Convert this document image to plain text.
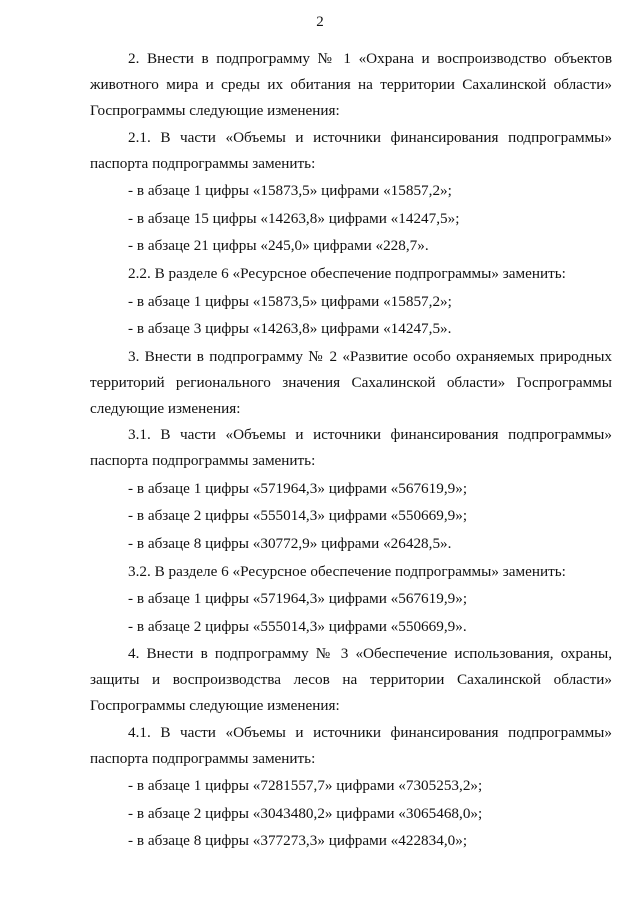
2
2. Внести в подпрограмму № 1 «Охрана и воспроизводство объектов
животного мира и среды их обитания на территории Сахалинской области»
Госпрограммы следующие изменения:
2.1. В части «Объемы и источники финансирования подпрограммы»
паспорта подпрограммы заменить:
- в абзаце 1 цифры «15873,5» цифрами «15857,2»;
- в абзаце 15 цифры «14263,8» цифрами «14247,5»;
- в абзаце 21 цифры «245,0» цифрами «228,7».
2.2. В разделе 6 «Ресурсное обеспечение подпрограммы» заменить:
- в абзаце 1 цифры «15873,5» цифрами «15857,2»;
- в абзаце 3 цифры «14263,8» цифрами «14247,5».
3. Внести в подпрограмму № 2 «Развитие особо охраняемых природных
территорий регионального значения Сахалинской области» Госпрограммы
следующие изменения:
3.1. В части «Объемы и источники финансирования подпрограммы»
паспорта подпрограммы заменить:
- в абзаце 1 цифры «571964,3» цифрами «567619,9»;
- в абзаце 2 цифры «555014,3» цифрами «550669,9»;
- в абзаце 8 цифры «30772,9» цифрами «26428,5».
3.2. В разделе 6 «Ресурсное обеспечение подпрограммы» заменить:
- в абзаце 1 цифры «571964,3» цифрами «567619,9»;
- в абзаце 2 цифры «555014,3» цифрами «550669,9».
4. Внести в подпрограмму № 3 «Обеспечение использования, охраны,
защиты и воспроизводства лесов на территории Сахалинской области»
Госпрограммы следующие изменения:
4.1. В части «Объемы и источники финансирования подпрограммы»
паспорта подпрограммы заменить:
- в абзаце 1 цифры «7281557,7» цифрами «7305253,2»;
- в абзаце 2 цифры «3043480,2» цифрами «3065468,0»;
- в абзаце 8 цифры «377273,3» цифрами «422834,0»;
